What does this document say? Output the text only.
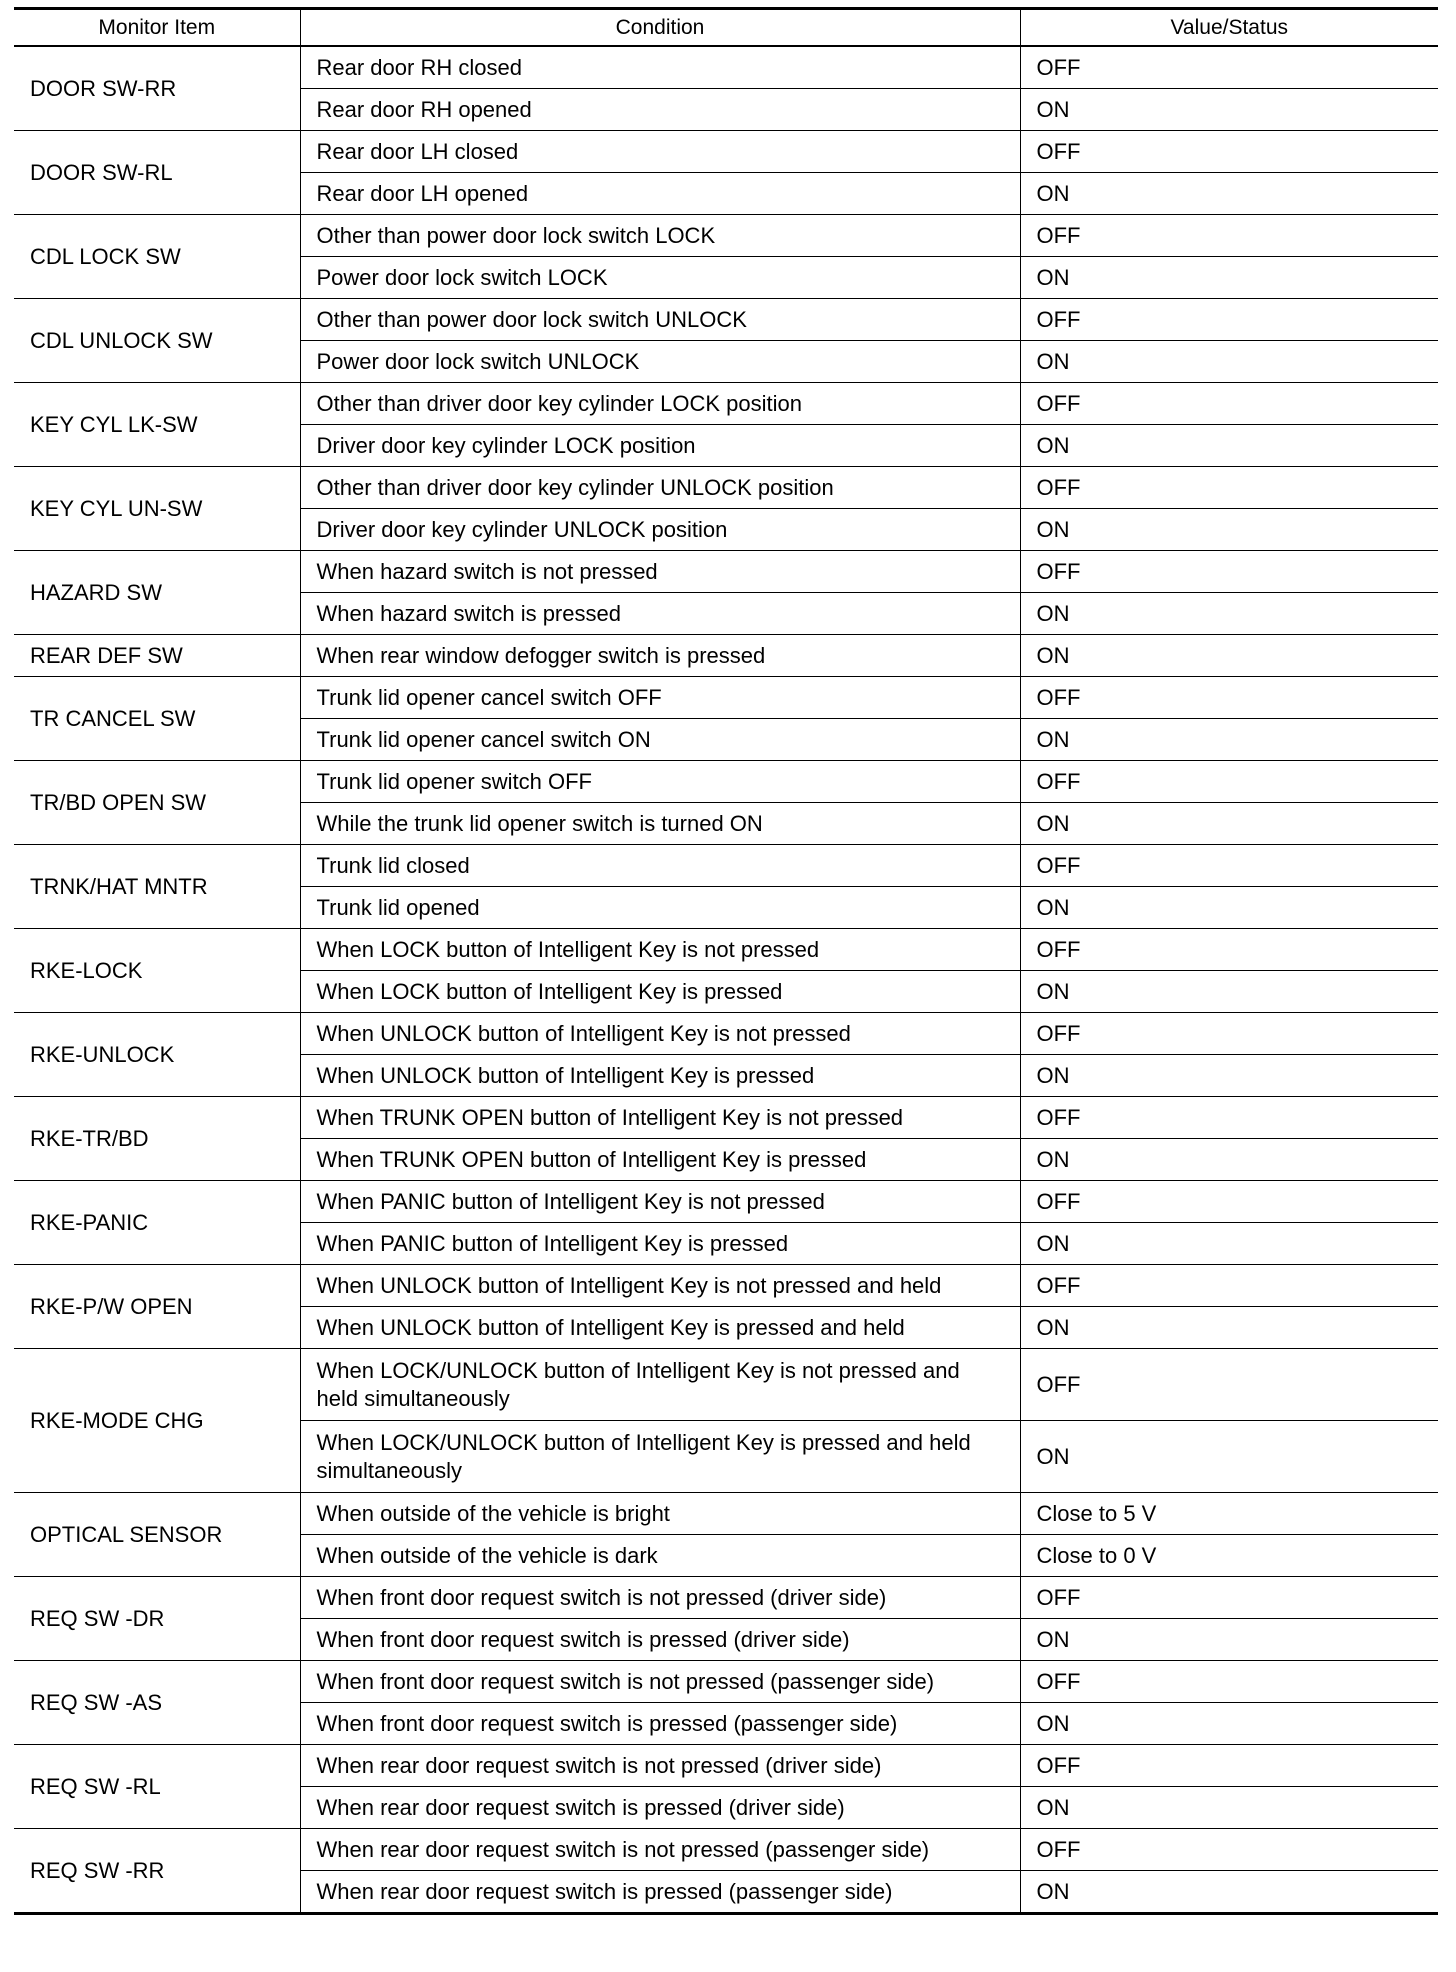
Monitor Item	Condition	Value/Status
DOOR SW-RR	Rear door RH closed	OFF
	Rear door RH opened	ON
DOOR SW-RL	Rear door LH closed	OFF
	Rear door LH opened	ON
CDL LOCK SW	Other than power door lock switch LOCK	OFF
	Power door lock switch LOCK	ON
CDL UNLOCK SW	Other than power door lock switch UNLOCK	OFF
	Power door lock switch UNLOCK	ON
KEY CYL LK-SW	Other than driver door key cylinder LOCK position	OFF
	Driver door key cylinder LOCK position	ON
KEY CYL UN-SW	Other than driver door key cylinder UNLOCK position	OFF
	Driver door key cylinder UNLOCK position	ON
HAZARD SW	When hazard switch is not pressed	OFF
	When hazard switch is pressed	ON
REAR DEF SW	When rear window defogger switch is pressed	ON
TR CANCEL SW	Trunk lid opener cancel switch OFF	OFF
	Trunk lid opener cancel switch ON	ON
TR/BD OPEN SW	Trunk lid opener switch OFF	OFF
	While the trunk lid opener switch is turned ON	ON
TRNK/HAT MNTR	Trunk lid closed	OFF
	Trunk lid opened	ON
RKE-LOCK	When LOCK button of Intelligent Key is not pressed	OFF
	When LOCK button of Intelligent Key is pressed	ON
RKE-UNLOCK	When UNLOCK button of Intelligent Key is not pressed	OFF
	When UNLOCK button of Intelligent Key is pressed	ON
RKE-TR/BD	When TRUNK OPEN button of Intelligent Key is not pressed	OFF
	When TRUNK OPEN button of Intelligent Key is pressed	ON
RKE-PANIC	When PANIC button of Intelligent Key is not pressed	OFF
	When PANIC button of Intelligent Key is pressed	ON
RKE-P/W OPEN	When UNLOCK button of Intelligent Key is not pressed and held	OFF
	When UNLOCK button of Intelligent Key is pressed and held	ON
RKE-MODE CHG	When LOCK/UNLOCK button of Intelligent Key is not pressed and held simultaneously	OFF
	When LOCK/UNLOCK button of Intelligent Key is pressed and held simultaneously	ON
OPTICAL SENSOR	When outside of the vehicle is bright	Close to 5 V
	When outside of the vehicle is dark	Close to 0 V
REQ SW -DR	When front door request switch is not pressed (driver side)	OFF
	When front door request switch is pressed (driver side)	ON
REQ SW -AS	When front door request switch is not pressed (passenger side)	OFF
	When front door request switch is pressed (passenger side)	ON
REQ SW -RL	When rear door request switch is not pressed (driver side)	OFF
	When rear door request switch is pressed (driver side)	ON
REQ SW -RR	When rear door request switch is not pressed (passenger side)	OFF
	When rear door request switch is pressed (passenger side)	ON
